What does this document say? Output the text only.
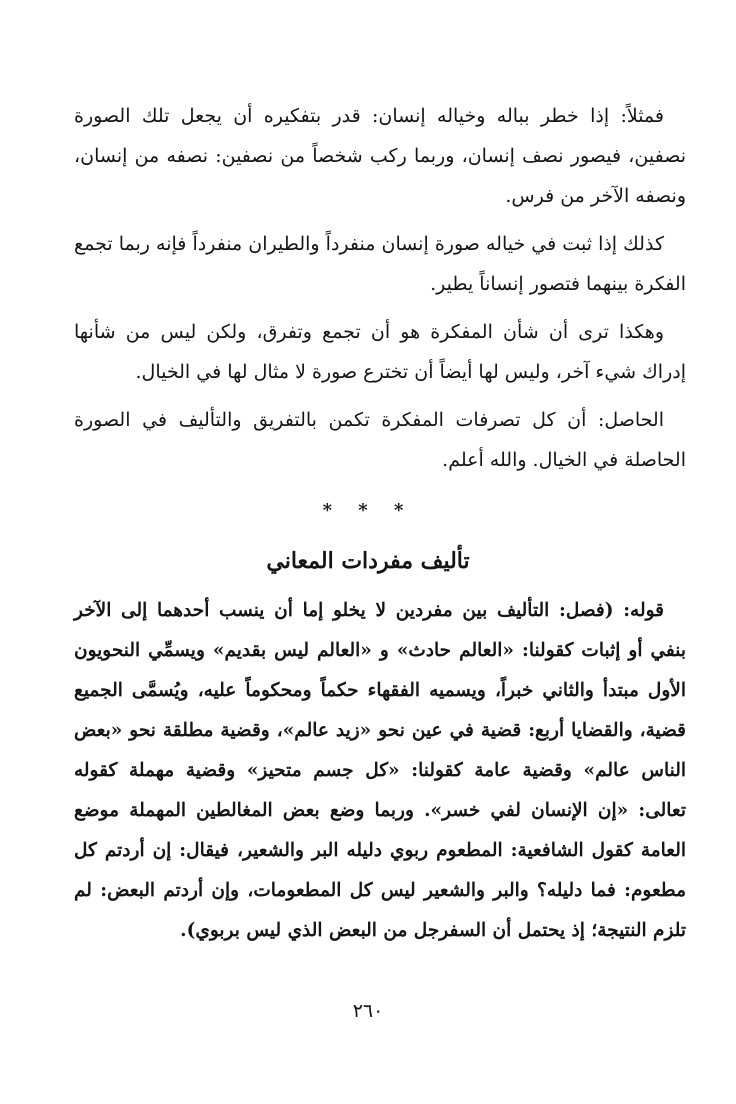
فمثلاً: إذا خطر بباله وخياله إنسان: قدر بتفكيره أن يجعل تلك الصورة نصفين، فيصور نصف إنسان، وربما ركب شخصاً من نصفين: نصفه من إنسان، ونصفه الآخر من فرس.

كذلك إذا ثبت في خياله صورة إنسان منفرداً والطيران منفرداً فإنه ربما تجمع الفكرة بينهما فتصور إنساناً يطير.

وهكذا ترى أن شأن المفكرة هو أن تجمع وتفرق، ولكن ليس من شأنها إدراك شيء آخر، وليس لها أيضاً أن تخترع صورة لا مثال لها في الخيال.

الحاصل: أن كل تصرفات المفكرة تكمن بالتفريق والتأليف في الصورة الحاصلة في الخيال. والله أعلم.

* * *
تأليف مفردات المعاني

قوله: (فصل: التأليف بين مفردين لا يخلو إما أن ينسب أحدهما إلى الآخر بنفي أو إثبات كقولنا: «العالم حادث» و «العالم ليس بقديم» ويسمِّي النحويون الأول مبتدأ والثاني خبراً، ويسميه الفقهاء حكماً ومحكوماً عليه، ويُسمَّى الجميع قضية، والقضايا أربع: قضية في عين نحو «زيد عالم»، وقضية مطلقة نحو «بعض الناس عالم» وقضية عامة كقولنا: «كل جسم متحيز» وقضية مهملة كقوله تعالى: «إن الإنسان لفي خسر». وربما وضع بعض المغالطين المهملة موضع العامة كقول الشافعية: المطعوم ربوي دليله البر والشعير، فيقال: إن أردتم كل مطعوم: فما دليله؟ والبر والشعير ليس كل المطعومات، وإن أردتم البعض: لم تلزم النتيجة؛ إذ يحتمل أن السفرجل من البعض الذي ليس بربوي).

٢٦٠
